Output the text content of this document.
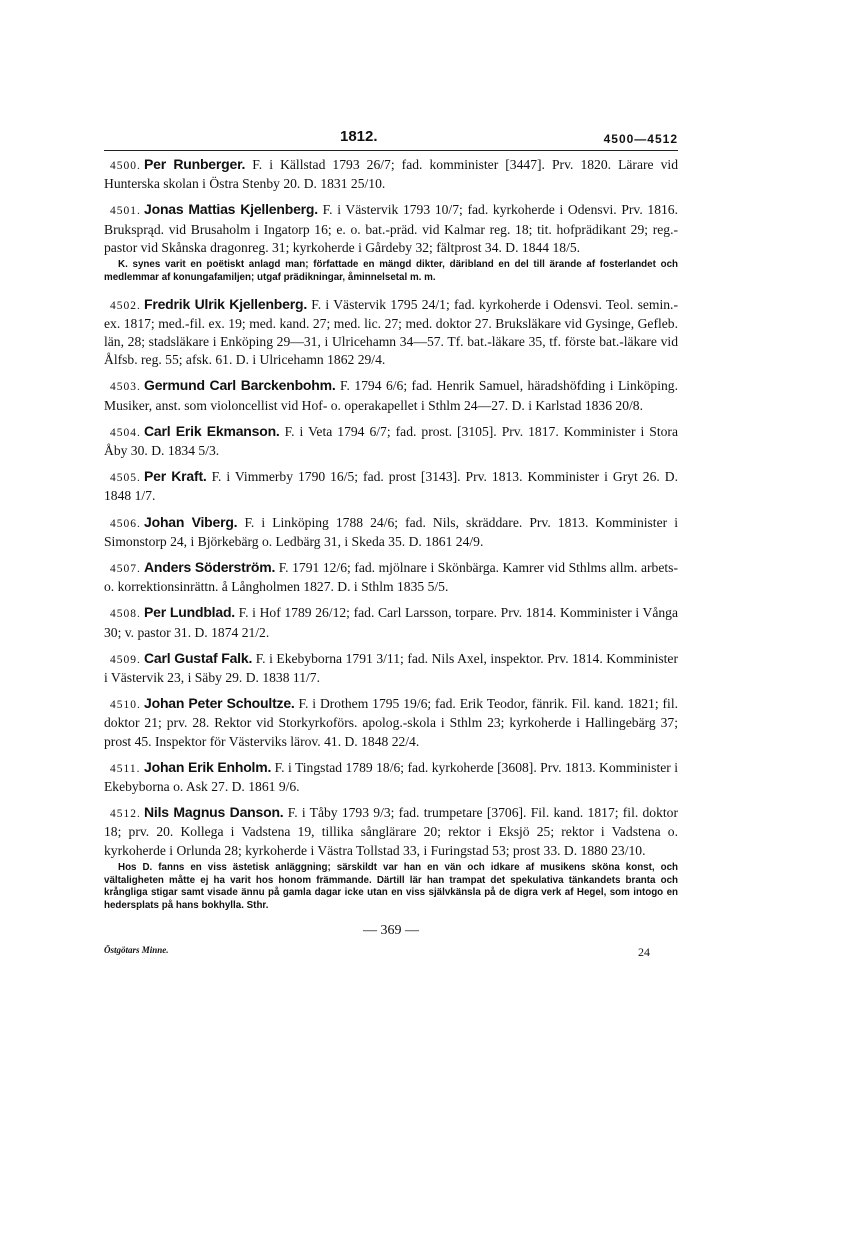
1812.	4500—4512
4500. Per Runberger. F. i Källstad 1793 26/7; fad. komminister [3447]. Prv. 1820. Lärare vid Hunterska skolan i Östra Stenby 20. D. 1831 25/10.
4501. Jonas Mattias Kjellenberg. F. i Västervik 1793 10/7; fad. kyrkoherde i Odensvi. Prv. 1816. Bruksprąd. vid Brusaholm i Ingatorp 16; e. o. bat.-präd. vid Kalmar reg. 18; tit. hofprädikant 29; reg.-pastor vid Skånska dragonreg. 31; kyrkoherde i Gårdeby 32; fältprost 34. D. 1844 18/5.
K. synes varit en poëtiskt anlagd man; författade en mängd dikter, däribland en del till ärande af fosterlandet och medlemmar af konungafamiljen; utgaf prädikningar, åminnelsetal m. m.
4502. Fredrik Ulrik Kjellenberg. F. i Västervik 1795 24/1; fad. kyrkoherde i Odensvi. Teol. semin.-ex. 1817; med.-fil. ex. 19; med. kand. 27; med. lic. 27; med. doktor 27. Bruksläkare vid Gysinge, Gefleb. län, 28; stadsläkare i Enköping 29—31, i Ulricehamn 34—57. Tf. bat.-läkare 35, tf. förste bat.-läkare vid Ålfsb. reg. 55; afsk. 61. D. i Ulricehamn 1862 29/4.
4503. Germund Carl Barckenbohm. F. 1794 6/6; fad. Henrik Samuel, häradshöfding i Linköping. Musiker, anst. som violoncellist vid Hof- o. operakapellet i Sthlm 24—27. D. i Karlstad 1836 20/8.
4504. Carl Erik Ekmanson. F. i Veta 1794 6/7; fad. prost. [3105]. Prv. 1817. Komminister i Stora Åby 30. D. 1834 5/3.
4505. Per Kraft. F. i Vimmerby 1790 16/5; fad. prost [3143]. Prv. 1813. Komminister i Gryt 26. D. 1848 1/7.
4506. Johan Viberg. F. i Linköping 1788 24/6; fad. Nils, skräddare. Prv. 1813. Komminister i Simonstorp 24, i Björkebärg o. Ledbärg 31, i Skeda 35. D. 1861 24/9.
4507. Anders Söderström. F. 1791 12/6; fad. mjölnare i Skönbärga. Kamrer vid Sthlms allm. arbets- o. korrektionsinrättn. å Långholmen 1827. D. i Sthlm 1835 5/5.
4508. Per Lundblad. F. i Hof 1789 26/12; fad. Carl Larsson, torpare. Prv. 1814. Komminister i Vånga 30; v. pastor 31. D. 1874 21/2.
4509. Carl Gustaf Falk. F. i Ekebyborna 1791 3/11; fad. Nils Axel, inspektor. Prv. 1814. Komminister i Västervik 23, i Säby 29. D. 1838 11/7.
4510. Johan Peter Schoultze. F. i Drothem 1795 19/6; fad. Erik Teodor, fänrik. Fil. kand. 1821; fil. doktor 21; prv. 28. Rektor vid Storkyrkoförs. apolog.-skola i Sthlm 23; kyrkoherde i Hallingebärg 37; prost 45. Inspektor för Västerviks lärov. 41. D. 1848 22/4.
4511. Johan Erik Enholm. F. i Tingstad 1789 18/6; fad. kyrkoherde [3608]. Prv. 1813. Komminister i Ekebyborna o. Ask 27. D. 1861 9/6.
4512. Nils Magnus Danson. F. i Tåby 1793 9/3; fad. trumpetare [3706]. Fil. kand. 1817; fil. doktor 18; prv. 20. Kollega i Vadstena 19, tillika sånglärare 20; rektor i Eksjö 25; rektor i Vadstena o. kyrkoherde i Orlunda 28; kyrkoherde i Västra Tollstad 33, i Furingstad 53; prost 33. D. 1880 23/10.
Hos D. fanns en viss ästetisk anläggning; särskildt var han en vän och idkare af musikens sköna konst, och vältaligheten måtte ej ha varit hos honom främmande. Därtill lär han trampat det spekulativa tänkandets branta och krångliga stigar samt visade ännu på gamla dagar icke utan en viss självkänsla på de digra verk af Hegel, som intogo en hedersplats på hans bokhylla. Sthr.
— 369 —
Östgötars Minne.	24
